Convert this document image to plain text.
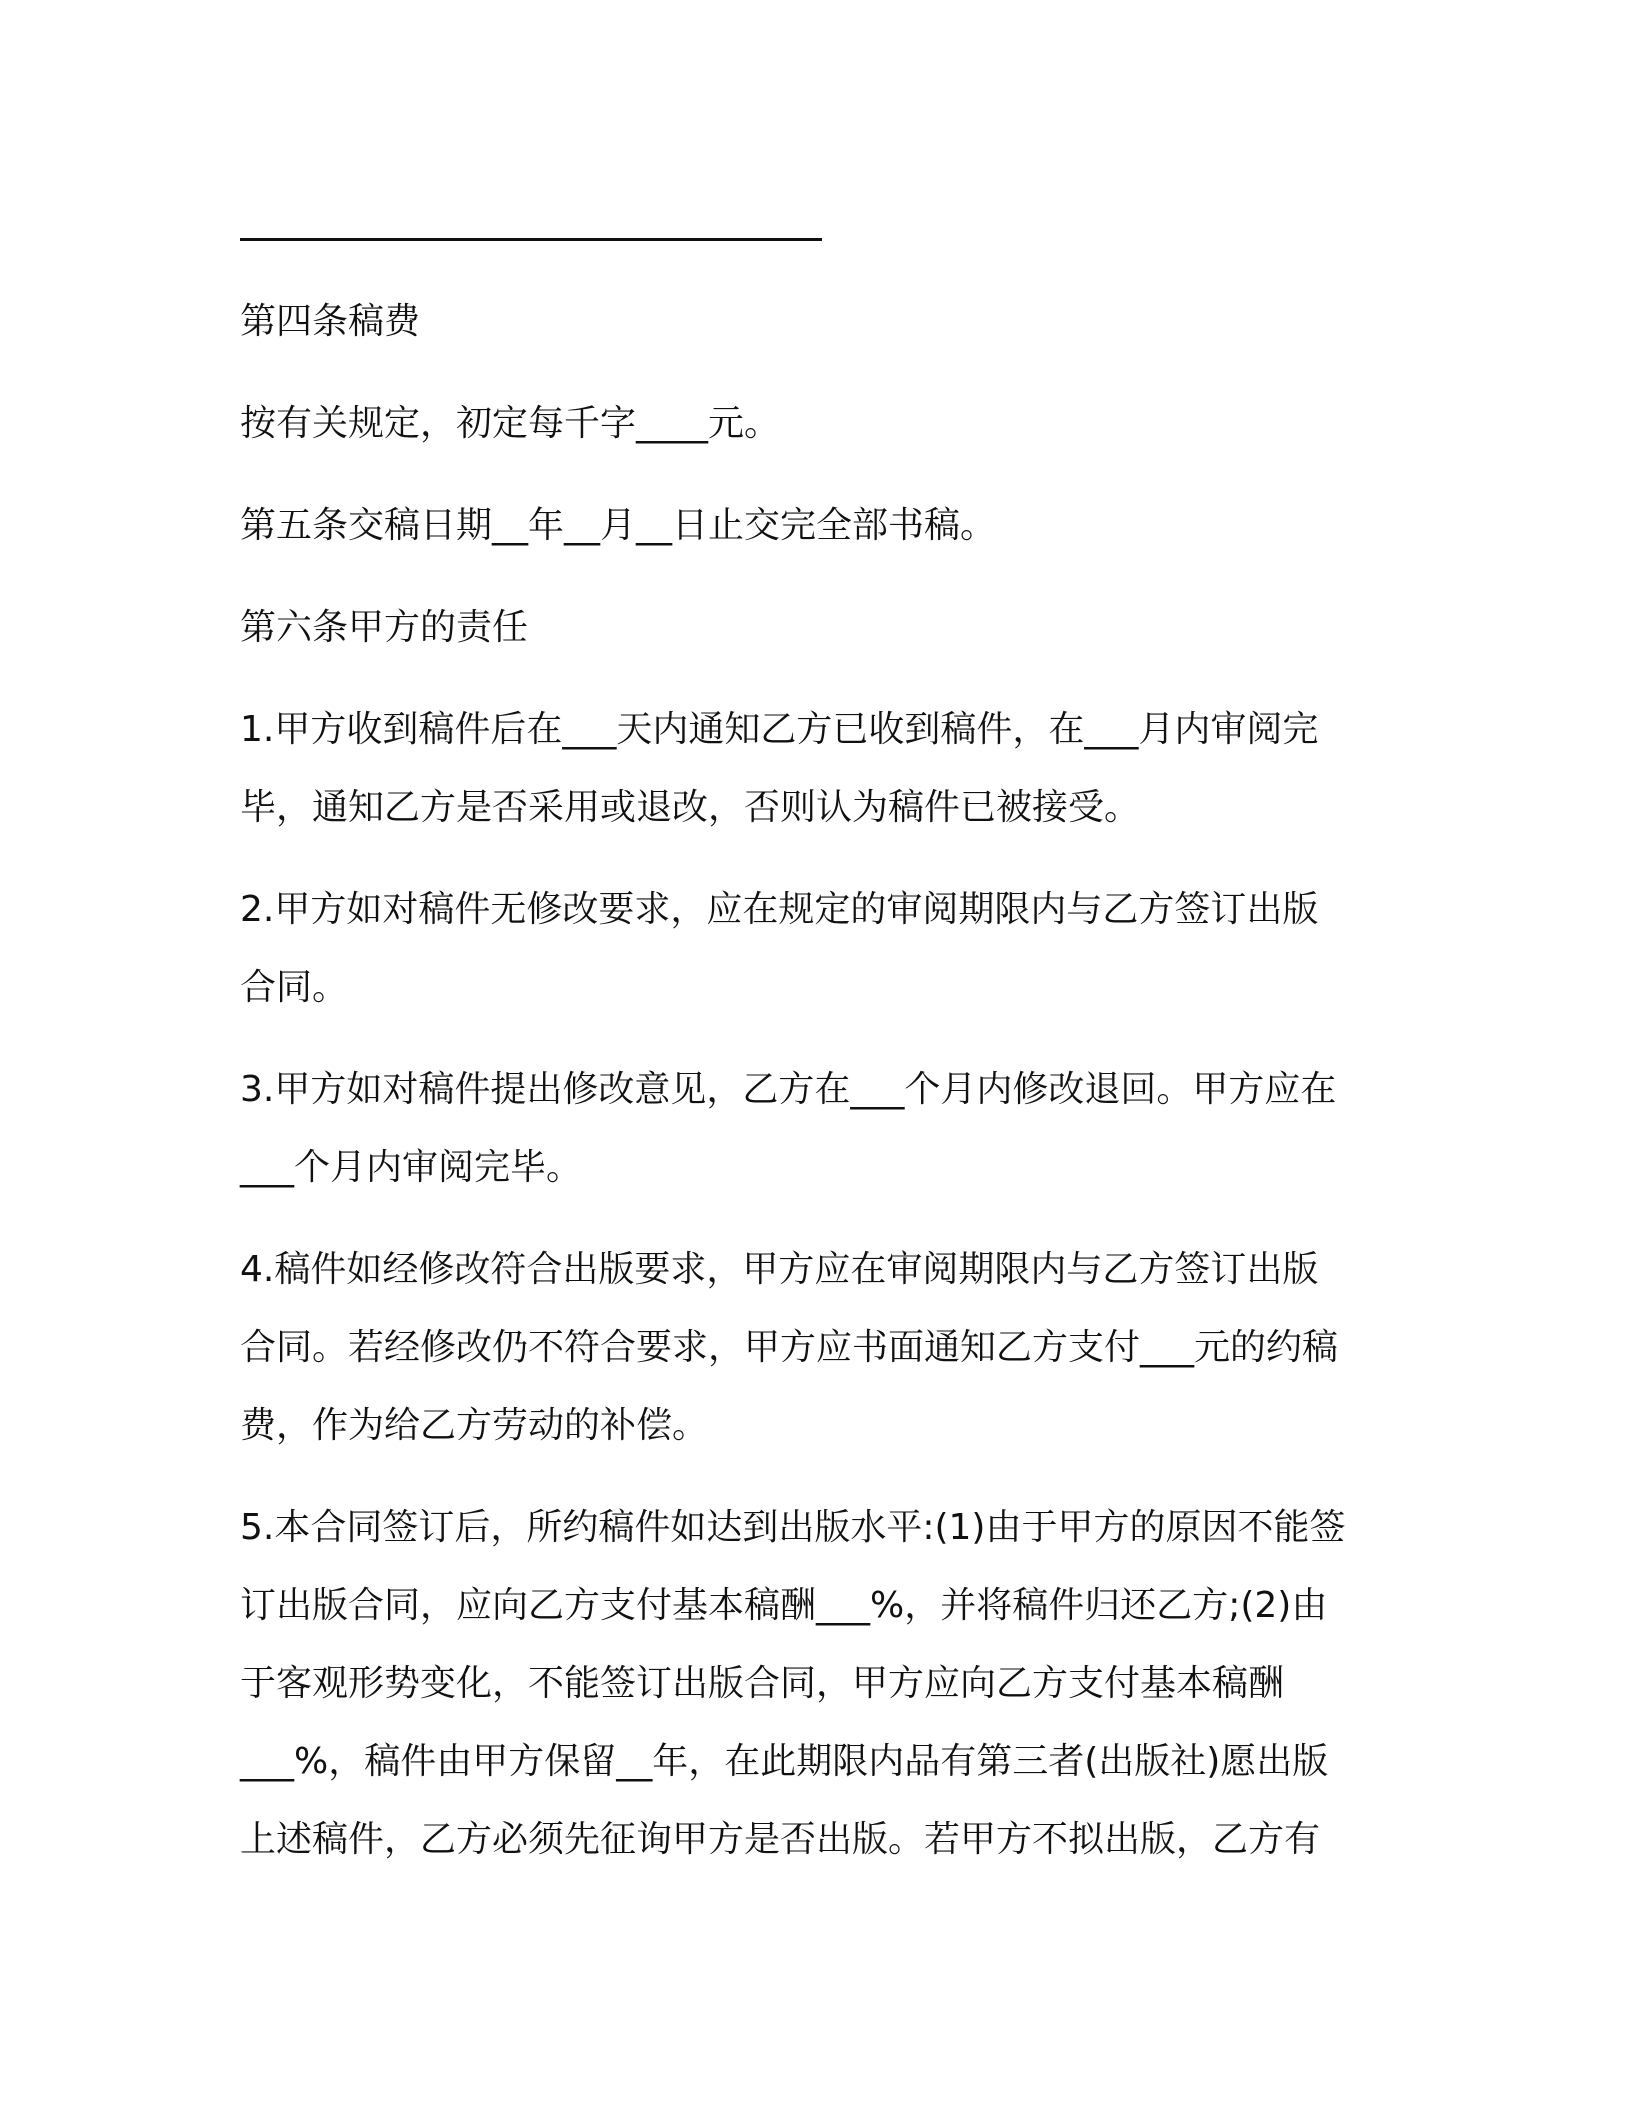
第四条稿费

按有关规定，初定每千字____元。

第五条交稿日期__年__月__日止交完全部书稿。

第六条甲方的责任

1.甲方收到稿件后在___天内通知乙方已收到稿件，在___月内审阅完
毕，通知乙方是否采用或退改，否则认为稿件已被接受。

2.甲方如对稿件无修改要求，应在规定的审阅期限内与乙方签订出版
合同。

3.甲方如对稿件提出修改意见，乙方在___个月内修改退回。甲方应在
___个月内审阅完毕。

4.稿件如经修改符合出版要求，甲方应在审阅期限内与乙方签订出版
合同。若经修改仍不符合要求，甲方应书面通知乙方支付___元的约稿
费，作为给乙方劳动的补偿。

5.本合同签订后，所约稿件如达到出版水平:(1)由于甲方的原因不能签
订出版合同，应向乙方支付基本稿酬___%，并将稿件归还乙方;(2)由
于客观形势变化，不能签订出版合同，甲方应向乙方支付基本稿酬
___%，稿件由甲方保留__年，在此期限内品有第三者(出版社)愿出版
上述稿件，乙方必须先征询甲方是否出版。若甲方不拟出版，乙方有
